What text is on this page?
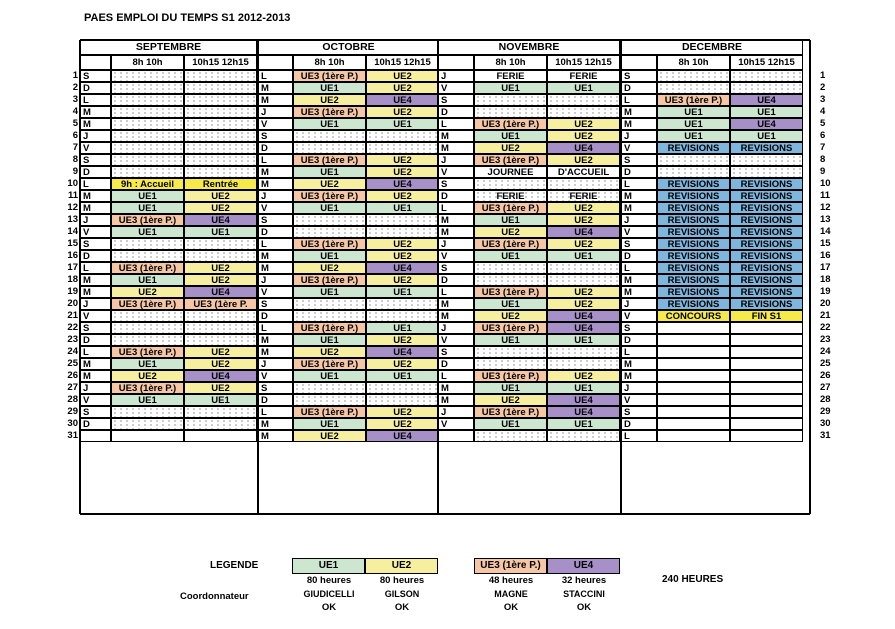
PAES EMPLOI DU TEMPS S1 2012-2013
SEPTEMBRE
8h 10h	10h15 12h15
S
D
L
M
M
J
V
S
D
L	9h : Accueil	Rentrée
M	UE1	UE2
M	UE1	UE2
J	UE3 (1ère P.)	UE4
V	UE1	UE1
S
D
L	UE3 (1ère P.)	UE2
M	UE1	UE2
M	UE2	UE4
J	UE3 (1ère P.)	UE3 (1ère P.
V
S
D
L	UE3 (1ère P.)	UE2
M	UE1	UE2
M	UE2	UE4
J	UE3 (1ère P.)	UE2
V	UE1	UE1
S
D
OCTOBRE
8h 10h	10h15 12h15
L	UE3 (1ère P.)	UE2
M	UE1	UE2
M	UE2	UE4
J	UE3 (1ère P.)	UE2
V	UE1	UE1
S
D
L	UE3 (1ère P.)	UE2
M	UE1	UE2
M	UE2	UE4
J	UE3 (1ère P.)	UE2
V	UE1	UE1
S
D
L	UE3 (1ère P.)	UE2
M	UE1	UE2
M	UE2	UE4
J	UE3 (1ère P.)	UE2
V	UE1	UE1
S
D
L	UE3 (1ère P.)	UE1
M	UE1	UE2
M	UE2	UE4
J	UE3 (1ère P.)	UE2
V	UE1	UE1
S
D
L	UE3 (1ère P.)	UE2
M	UE1	UE2
M	UE2	UE4
NOVEMBRE
8h 10h	10h15 12h15
J	FERIE	FERIE
V	UE1	UE1
S
D
L	UE3 (1ère P.)	UE2
M	UE1	UE2
M	UE2	UE4
J	UE3 (1ère P.)	UE2
V	JOURNEE	D'ACCUEIL
S
D	FERIE	FERIE
L	UE3 (1ère P.)	UE2
M	UE1	UE2
M	UE2	UE4
J	UE3 (1ère P.)	UE2
V	UE1	UE1
S
D
L	UE3 (1ère P.)	UE2
M	UE1	UE2
M	UE2	UE4
J	UE3 (1ère P.)	UE4
V	UE1	UE1
S
D
L	UE3 (1ère P.)	UE2
M	UE1	UE1
M	UE2	UE4
J	UE3 (1ère P.)	UE4
V	UE1	UE1
DECEMBRE
8h 10h	10h15 12h15
S
D
L	UE3 (1ère P.)	UE4
M	UE1	UE1
M	UE1	UE4
J	UE1	UE1
V	REVISIONS	REVISIONS
S
D
L	REVISIONS	REVISIONS
M	REVISIONS	REVISIONS
M	REVISIONS	REVISIONS
J	REVISIONS	REVISIONS
V	REVISIONS	REVISIONS
S	REVISIONS	REVISIONS
D	REVISIONS	REVISIONS
L	REVISIONS	REVISIONS
M	REVISIONS	REVISIONS
M	REVISIONS	REVISIONS
J	REVISIONS	REVISIONS
V	CONCOURS	FIN S1
S
D
L
M
M
J
V
S
D
L
LEGENDE
Coordonnateur
240 HEURES
UE1
80 heures
GIUDICELLI
OK
UE2
80 heures
GILSON
OK
UE3 (1ère P.)
48 heures
MAGNE
OK
UE4
32 heures
STACCINI
OK
1	1
2	2
3	3
4	4
5	5
6	6
7	7
8	8
9	9
10	10
11	11
12	12
13	13
14	14
15	15
16	16
17	17
18	18
19	19
20	20
21	21
22	22
23	23
24	24
25	25
26	26
27	27
28	28
29	29
30	30
31	31
